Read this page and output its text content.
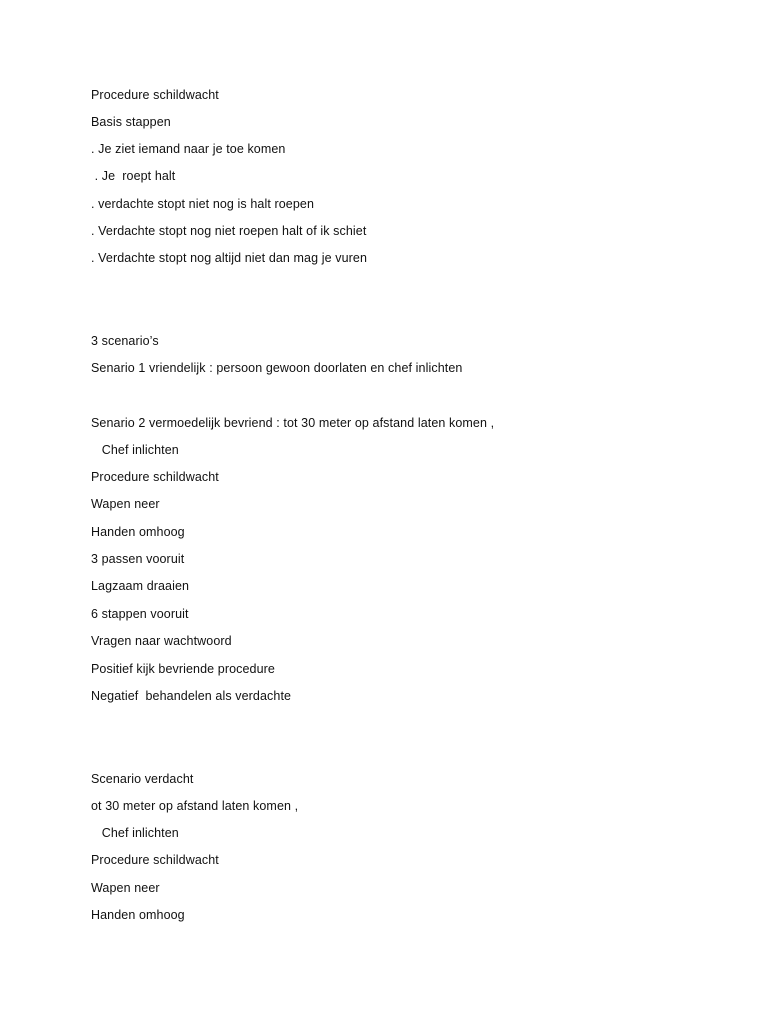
Procedure schildwacht
Basis stappen
. Je ziet iemand naar je toe komen
. Je  roept halt
. verdachte stopt niet nog is halt roepen
. Verdachte stopt nog niet roepen halt of ik schiet
. Verdachte stopt nog altijd niet dan mag je vuren
3 scenario’s
Senario 1 vriendelijk : persoon gewoon doorlaten en chef inlichten
Senario 2 vermoedelijk bevriend : tot 30 meter op afstand laten komen ,
Chef inlichten
Procedure schildwacht
Wapen neer
Handen omhoog
3 passen vooruit
Lagzaam draaien
6 stappen vooruit
Vragen naar wachtwoord
Positief kijk bevriende procedure
Negatief  behandelen als verdachte
Scenario verdacht
ot 30 meter op afstand laten komen ,
Chef inlichten
Procedure schildwacht
Wapen neer
Handen omhoog
